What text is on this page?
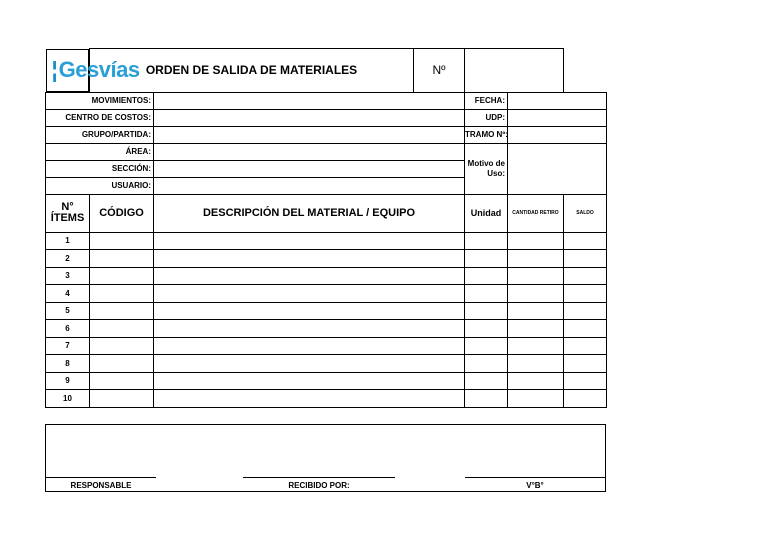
¦ Gesvías ORDEN DE SALIDA DE MATERIALES		Nº			
MOVIMIENTOS:				FECHA:		
CENTRO DE COSTOS:				UDP:		
GRUPO/PARTIDA:				TRAMO Nº:		
ÁREA:				Motivo de Uso:		
SECCIÓN:						
USUARIO:						
N° ÍTEMS	CÓDIGO	DESCRIPCIÓN DEL MATERIAL / EQUIPO		Unidad	CANTIDAD RETIRO	SALDO
1						
2						
3						
4						
5						
6						
7						
8						
9						
10						
RESPONSABLE	RECIBIDO POR:	V°B°
